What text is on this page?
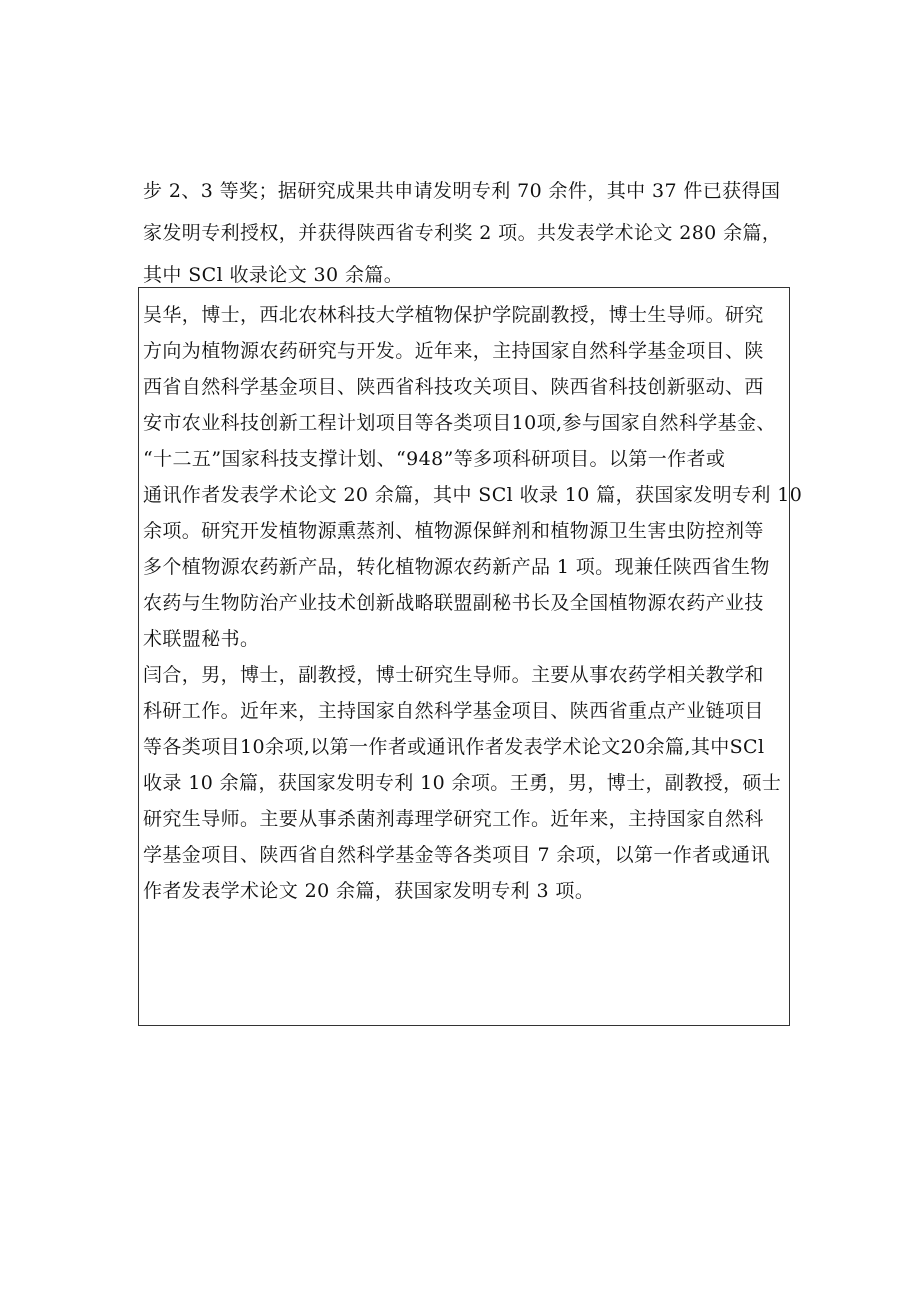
步 2、3 等奖；据研究成果共申请发明专利 70 余件，其中 37 件已获得国
家发明专利授权，并获得陕西省专利奖 2 项。共发表学术论文 280 余篇，
其中 SCl 收录论文 30 余篇。
吴华，博士，西北农林科技大学植物保护学院副教授，博士生导师。研究
方向为植物源农药研究与开发。近年来，主持国家自然科学基金项目、陕
西省自然科学基金项目、陕西省科技攻关项目、陕西省科技创新驱动、西
安市农业科技创新工程计划项目等各类项目10项,参与国家自然科学基金、
“十二五”国家科技支撑计划、“948”等多项科研项目。以第一作者或
通讯作者发表学术论文 20 余篇，其中 SCl 收录 10 篇，获国家发明专利 10
余项。研究开发植物源熏蒸剂、植物源保鲜剂和植物源卫生害虫防控剂等
多个植物源农药新产品，转化植物源农药新产品 1 项。现兼任陕西省生物
农药与生物防治产业技术创新战略联盟副秘书长及全国植物源农药产业技
术联盟秘书。
闫合，男，博士，副教授，博士研究生导师。主要从事农药学相关教学和
科研工作。近年来，主持国家自然科学基金项目、陕西省重点产业链项目
等各类项目10余项,以第一作者或通讯作者发表学术论文20余篇,其中SCl
收录 10 余篇，获国家发明专利 10 余项。王勇，男，博士，副教授，硕士
研究生导师。主要从事杀菌剂毒理学研究工作。近年来，主持国家自然科
学基金项目、陕西省自然科学基金等各类项目 7 余项，以第一作者或通讯
作者发表学术论文 20 余篇，获国家发明专利 3 项。
